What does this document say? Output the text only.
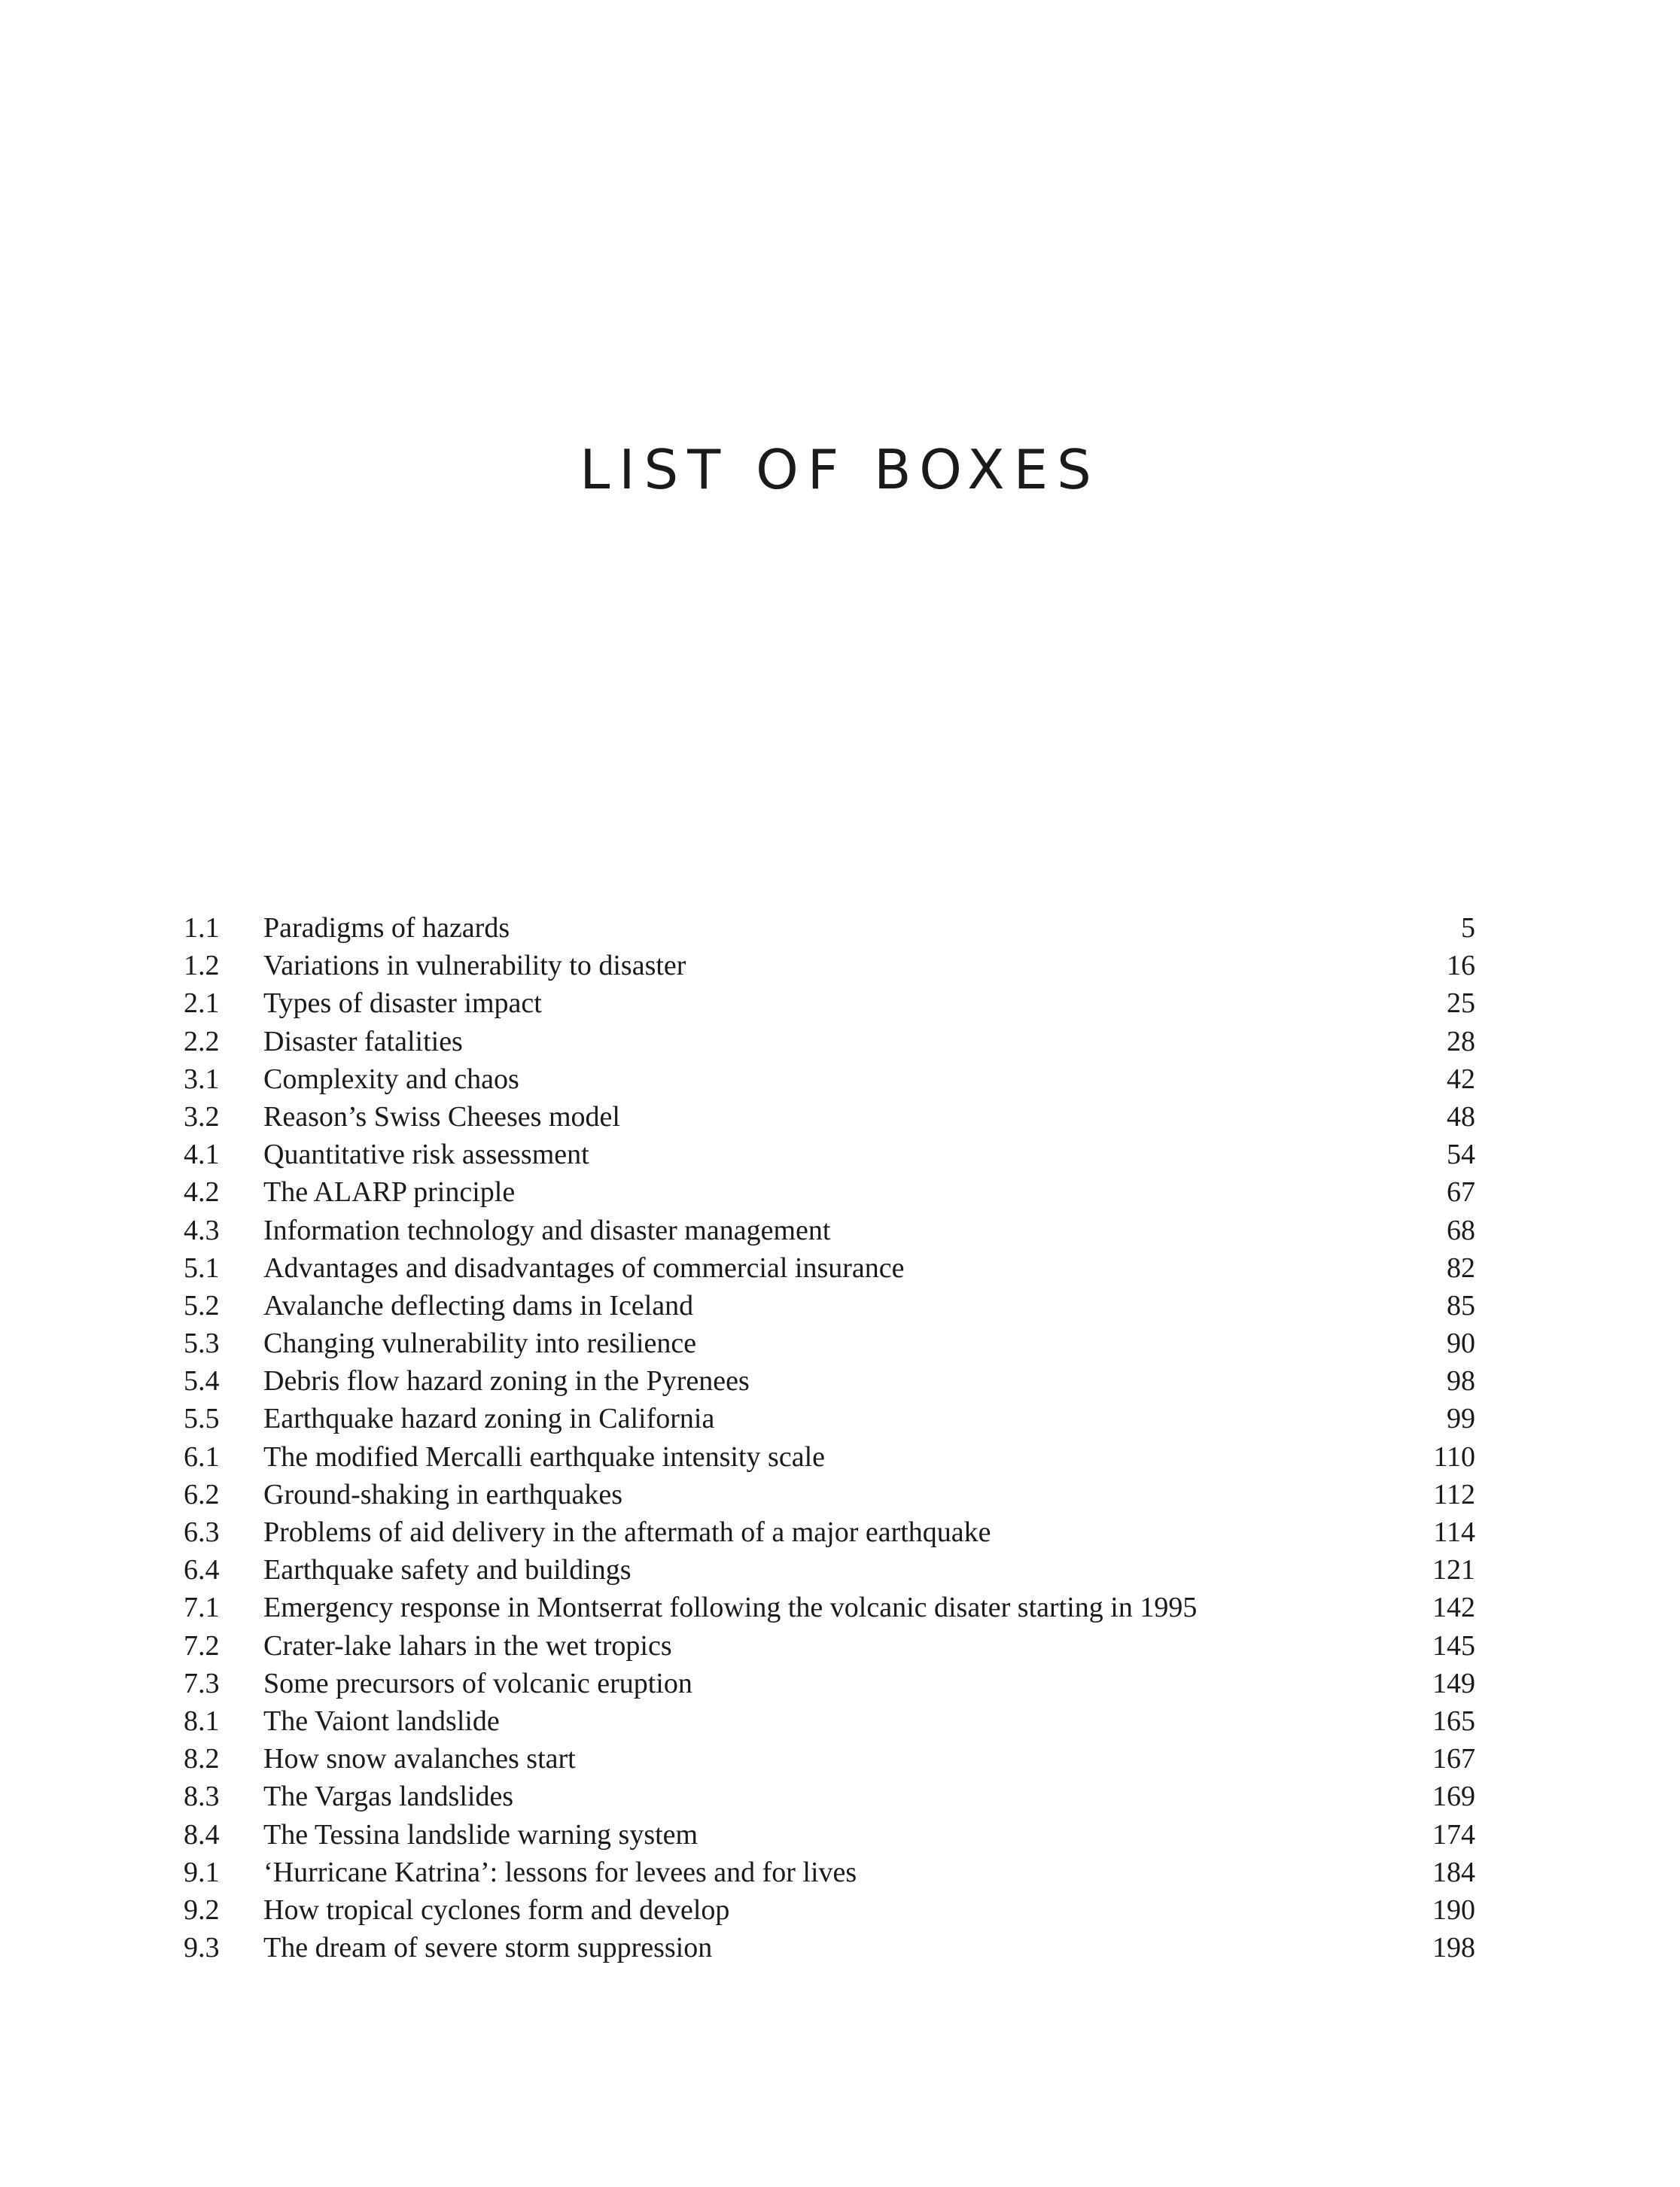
LIST OF BOXES
1.1 Paradigms of hazards	5
1.2 Variations in vulnerability to disaster	16
2.1 Types of disaster impact	25
2.2 Disaster fatalities	28
3.1 Complexity and chaos	42
3.2 Reason’s Swiss Cheeses model	48
4.1 Quantitative risk assessment	54
4.2 The ALARP principle	67
4.3 Information technology and disaster management	68
5.1 Advantages and disadvantages of commercial insurance	82
5.2 Avalanche deflecting dams in Iceland	85
5.3 Changing vulnerability into resilience	90
5.4 Debris flow hazard zoning in the Pyrenees	98
5.5 Earthquake hazard zoning in California	99
6.1 The modified Mercalli earthquake intensity scale	110
6.2 Ground-shaking in earthquakes	112
6.3 Problems of aid delivery in the aftermath of a major earthquake	114
6.4 Earthquake safety and buildings	121
7.1 Emergency response in Montserrat following the volcanic disater starting in 1995	142
7.2 Crater-lake lahars in the wet tropics	145
7.3 Some precursors of volcanic eruption	149
8.1 The Vaiont landslide	165
8.2 How snow avalanches start	167
8.3 The Vargas landslides	169
8.4 The Tessina landslide warning system	174
9.1 ‘Hurricane Katrina’: lessons for levees and for lives	184
9.2 How tropical cyclones form and develop	190
9.3 The dream of severe storm suppression	198
